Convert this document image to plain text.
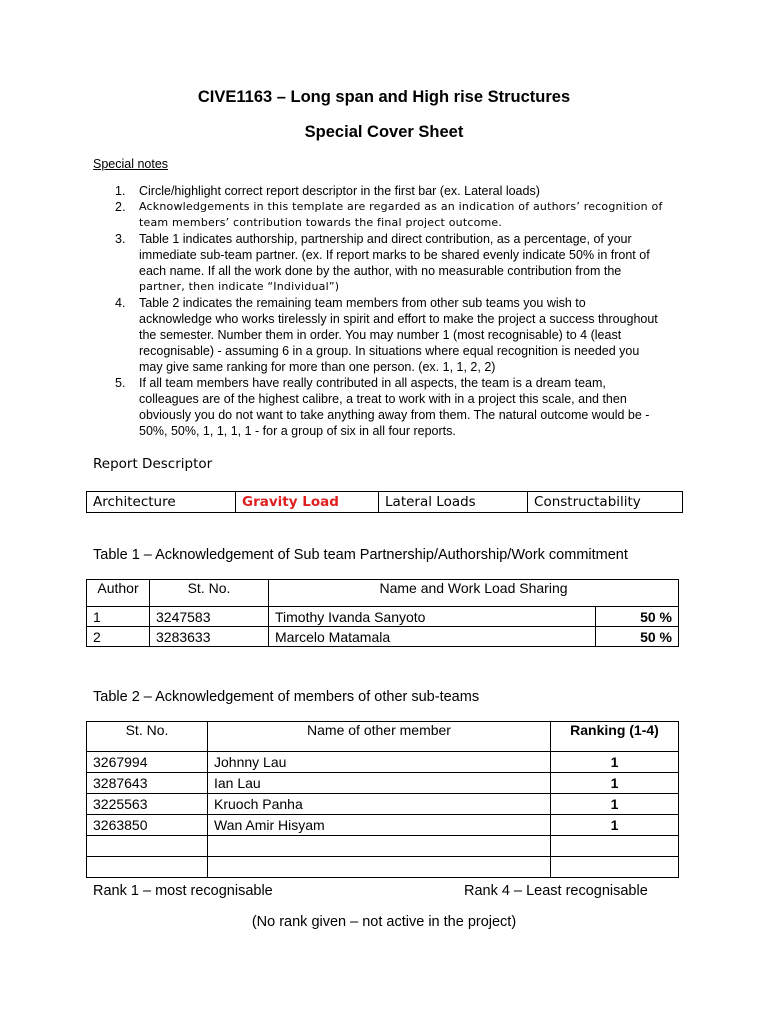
CIVE1163 – Long span and High rise Structures
Special Cover Sheet
Special notes
1. Circle/highlight correct report descriptor in the first bar (ex. Lateral loads)
2. Acknowledgements in this template are regarded as an indication of authors’ recognition of
team members’ contribution towards the final project outcome.
3. Table 1 indicates authorship, partnership and direct contribution, as a percentage, of your
immediate sub-team partner. (ex. If report marks to be shared evenly indicate 50% in front of
each name. If all the work done by the author, with no measurable contribution from the
partner, then indicate “Individual”)
4. Table 2 indicates the remaining team members from other sub teams you wish to
acknowledge who works tirelessly in spirit and effort to make the project a success throughout
the semester. Number them in order. You may number 1 (most recognisable) to 4 (least
recognisable) - assuming 6 in a group. In situations where equal recognition is needed you
may give same ranking for more than one person. (ex. 1, 1, 2, 2)
5. If all team members have really contributed in all aspects, the team is a dream team,
colleagues are of the highest calibre, a treat to work with in a project this scale, and then
obviously you do not want to take anything away from them. The natural outcome would be -
50%, 50%, 1, 1, 1, 1 - for a group of six in all four reports.
Report Descriptor
Architecture	Gravity Load	Lateral Loads	Constructability
Table 1 – Acknowledgement of Sub team Partnership/Authorship/Work commitment
Author	St. No.	Name and Work Load Sharing	
1	3247583	Timothy Ivanda Sanyoto	50 %
2	3283633	Marcelo Matamala	50 %
Table 2 – Acknowledgement of members of other sub-teams
St. No.	Name of other member	Ranking (1-4)
3267994	Johnny Lau	1
3287643	Ian Lau	1
3225563	Kruoch Panha	1
3263850	Wan Amir Hisyam	1

Rank 1 – most recognisable	Rank 4 – Least recognisable
(No rank given – not active in the project)
